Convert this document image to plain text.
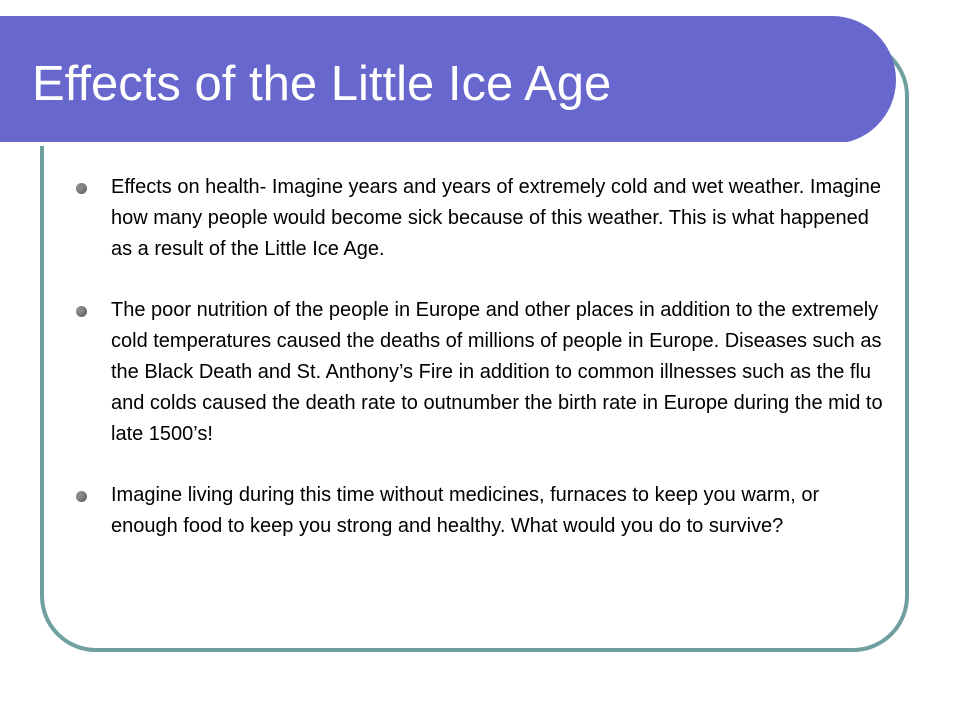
Effects of the Little Ice Age
Effects on health- Imagine years and years of extremely cold and wet weather. Imagine how many people would become sick because of this weather. This is what happened as a result of the Little Ice Age.
The poor nutrition of the people in Europe and other places in addition to the extremely cold temperatures caused the deaths of millions of people in Europe. Diseases such as the Black Death and St. Anthony’s Fire in addition to common illnesses such as the flu and colds caused the death rate to outnumber the birth rate in Europe during the mid to late 1500’s!
Imagine living during this time without medicines, furnaces to keep you warm, or enough food to keep you strong and healthy. What would you do to survive?
